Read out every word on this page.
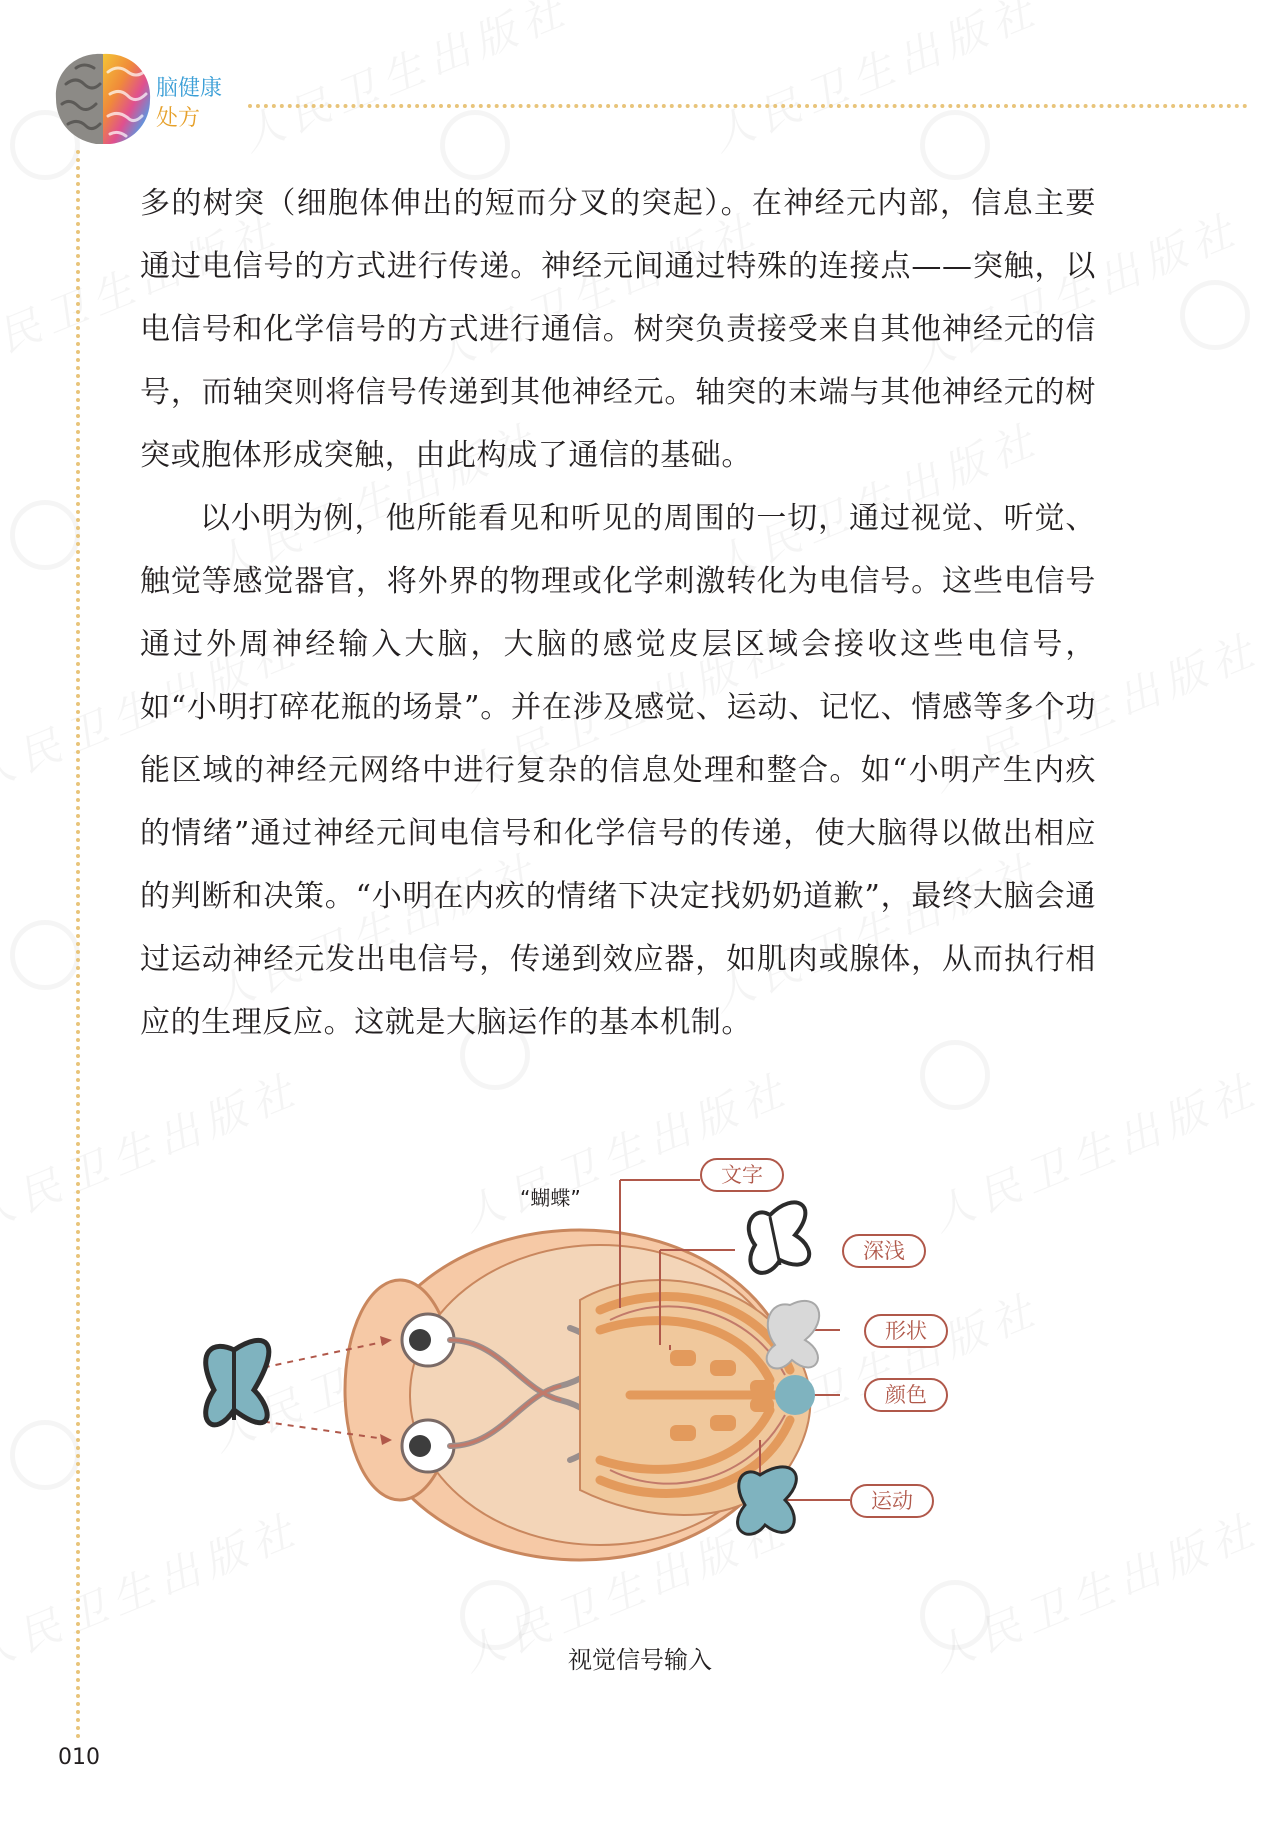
脑健康
处方

多的树突（细胞体伸出的短而分叉的突起）。在神经元内部，信息主要通过电信号的方式进行传递。神经元间通过特殊的连接点——突触，以电信号和化学信号的方式进行通信。树突负责接受来自其他神经元的信号，而轴突则将信号传递到其他神经元。轴突的末端与其他神经元的树突或胞体形成突触，由此构成了通信的基础。

以小明为例，他所能看见和听见的周围的一切，通过视觉、听觉、触觉等感觉器官，将外界的物理或化学刺激转化为电信号。这些电信号通过外周神经输入大脑，大脑的感觉皮层区域会接收这些电信号，如“小明打碎花瓶的场景”。并在涉及感觉、运动、记忆、情感等多个功能区域的神经元网络中进行复杂的信息处理和整合。如“小明产生内疚的情绪”通过神经元间电信号和化学信号的传递，使大脑得以做出相应的判断和决策。“小明在内疚的情绪下决定找奶奶道歉”，最终大脑会通过运动神经元发出电信号，传递到效应器，如肌肉或腺体，从而执行相应的生理反应。这就是大脑运作的基本机制。

“蝴蝶”
文字
深浅
形状
颜色
运动
视觉信号输入
010
